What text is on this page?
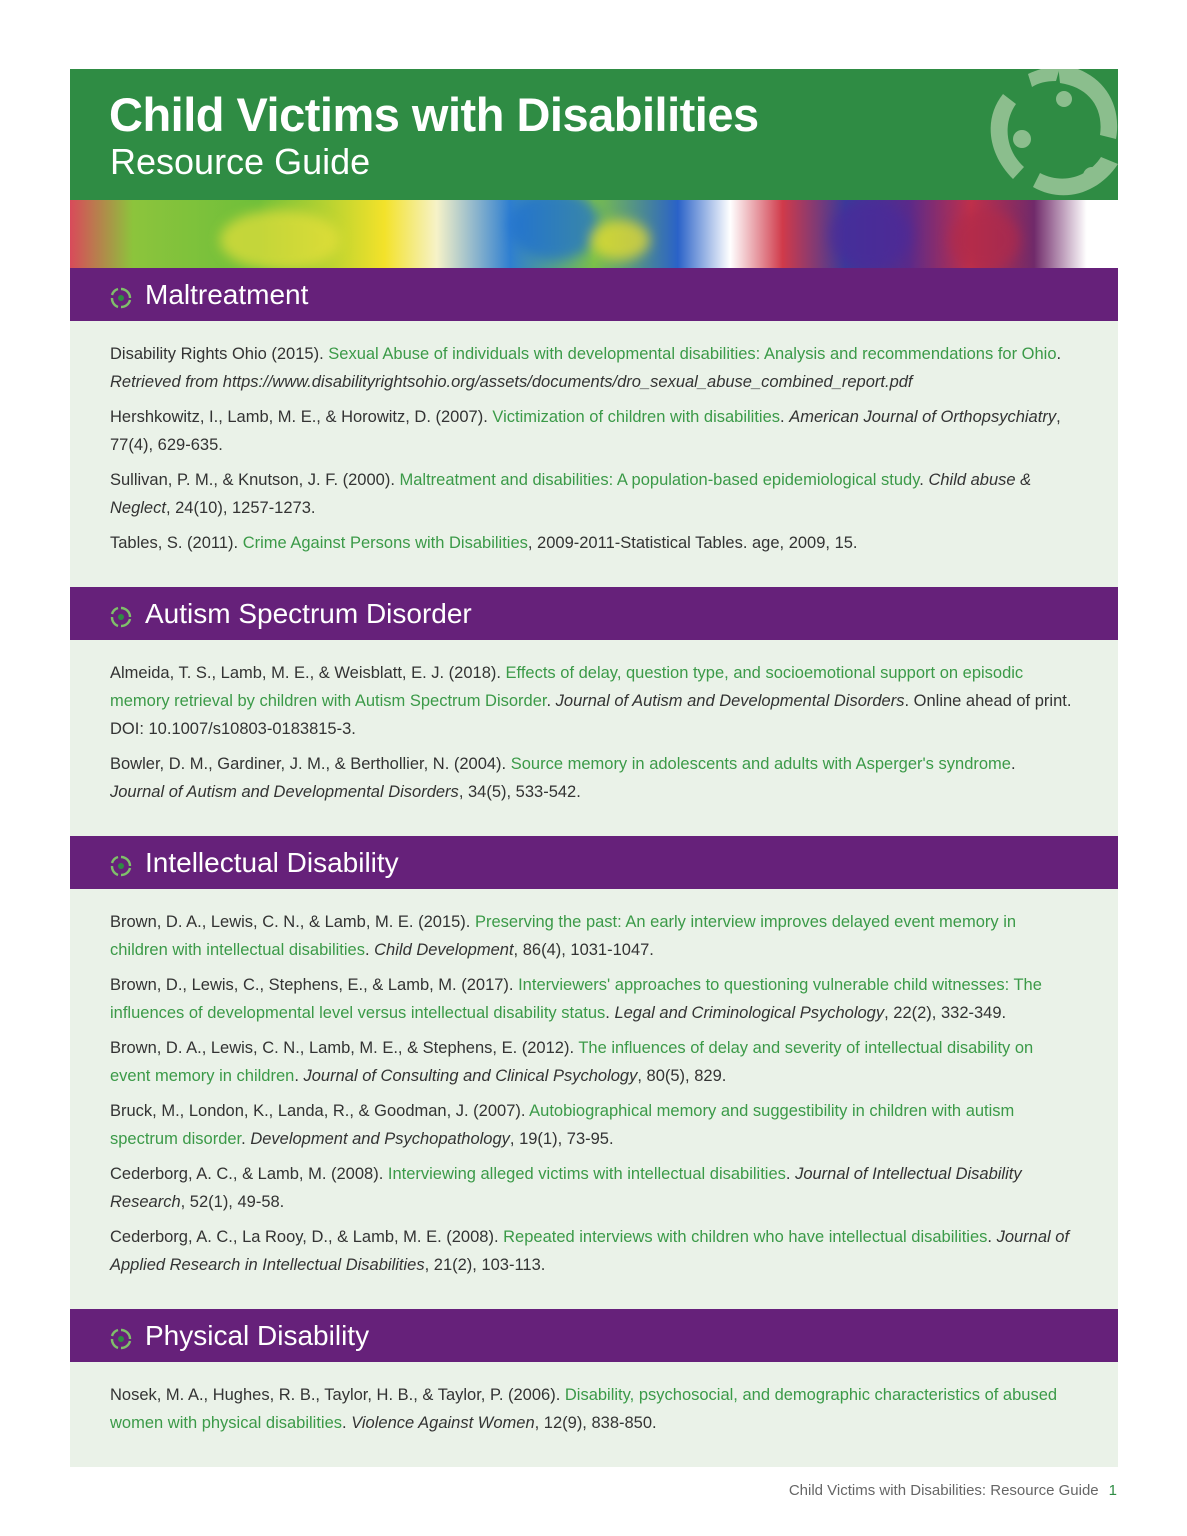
Child Victims with Disabilities
Resource Guide
Maltreatment
Disability Rights Ohio (2015). Sexual Abuse of individuals with developmental disabilities: Analysis and recommendations for Ohio. Retrieved from https://www.disabilityrightsohio.org/assets/documents/dro_sexual_abuse_combined_report.pdf
Hershkowitz, I., Lamb, M. E., & Horowitz, D. (2007). Victimization of children with disabilities. American Journal of Orthopsychiatry, 77(4), 629-635.
Sullivan, P. M., & Knutson, J. F. (2000). Maltreatment and disabilities: A population-based epidemiological study. Child abuse & Neglect, 24(10), 1257-1273.
Tables, S. (2011). Crime Against Persons with Disabilities, 2009-2011-Statistical Tables. age, 2009, 15.
Autism Spectrum Disorder
Almeida, T. S., Lamb, M. E., & Weisblatt, E. J. (2018). Effects of delay, question type, and socioemotional support on episodic memory retrieval by children with Autism Spectrum Disorder. Journal of Autism and Developmental Disorders. Online ahead of print. DOI: 10.1007/s10803-0183815-3.
Bowler, D. M., Gardiner, J. M., & Berthollier, N. (2004). Source memory in adolescents and adults with Asperger's syndrome. Journal of Autism and Developmental Disorders, 34(5), 533-542.
Intellectual Disability
Brown, D. A., Lewis, C. N., & Lamb, M. E. (2015). Preserving the past: An early interview improves delayed event memory in children with intellectual disabilities. Child Development, 86(4), 1031-1047.
Brown, D., Lewis, C., Stephens, E., & Lamb, M. (2017). Interviewers' approaches to questioning vulnerable child witnesses: The influences of developmental level versus intellectual disability status. Legal and Criminological Psychology, 22(2), 332-349.
Brown, D. A., Lewis, C. N., Lamb, M. E., & Stephens, E. (2012). The influences of delay and severity of intellectual disability on event memory in children. Journal of Consulting and Clinical Psychology, 80(5), 829.
Bruck, M., London, K., Landa, R., & Goodman, J. (2007). Autobiographical memory and suggestibility in children with autism spectrum disorder. Development and Psychopathology, 19(1), 73-95.
Cederborg, A. C., & Lamb, M. (2008). Interviewing alleged victims with intellectual disabilities. Journal of Intellectual Disability Research, 52(1), 49-58.
Cederborg, A. C., La Rooy, D., & Lamb, M. E. (2008). Repeated interviews with children who have intellectual disabilities. Journal of Applied Research in Intellectual Disabilities, 21(2), 103-113.
Physical Disability
Nosek, M. A., Hughes, R. B., Taylor, H. B., & Taylor, P. (2006). Disability, psychosocial, and demographic characteristics of abused women with physical disabilities. Violence Against Women, 12(9), 838-850.
Child Victims with Disabilities: Resource Guide 1
